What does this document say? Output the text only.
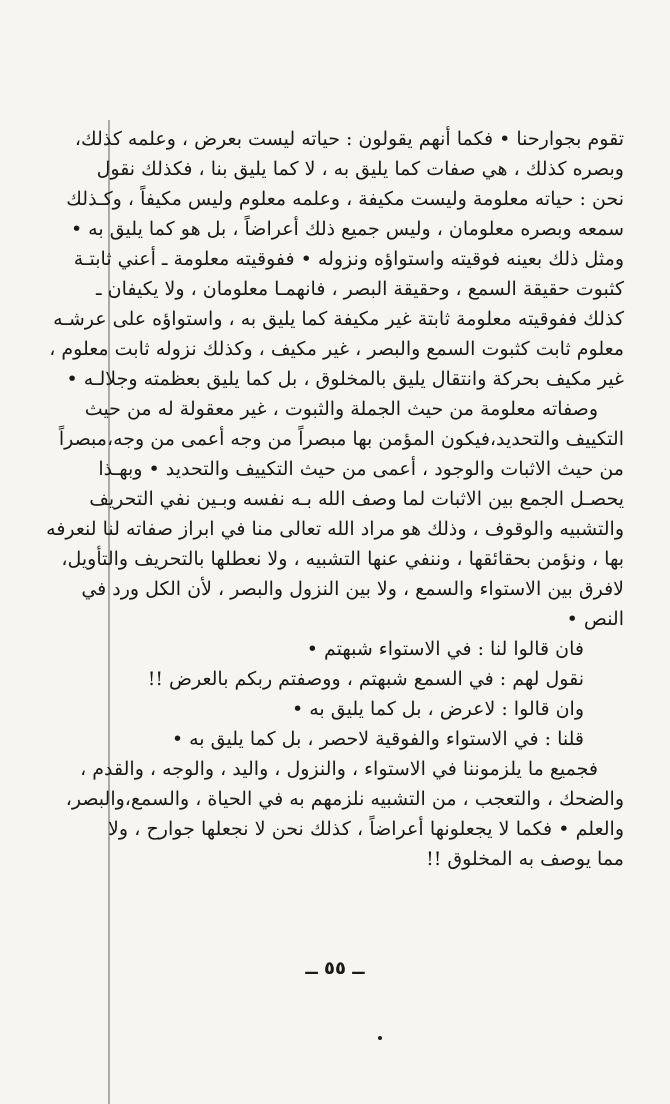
تقوم بجوارحنا • فكما أنهم يقولون : حياته ليست بعرض ، وعلمه كذلك،
وبصره كذلك ، هي صفات كما يليق به ، لا كما يليق بنا ، فكذلك نقول
نحن : حياته معلومة وليست مكيفة ، وعلمه معلوم وليس مكيفاً ، وكـذلك
سمعه وبصره معلومان ، وليس جميع ذلك أعراضاً ، بل هو كما يليق به •
ومثل ذلك بعينه فوقيته واستواؤه ونزوله • ففوقيته معلومة ـ أعني ثابتـة
كثبوت حقيقة السمع ، وحقيقة البصر ، فانهمـا معلومان ، ولا يكيفان ـ
كذلك ففوقيته معلومة ثابتة غير مكيفة كما يليق به ، واستواؤه على عرشـه
معلوم ثابت كثبوت السمع والبصر ، غير مكيف ، وكذلك نزوله ثابت معلوم ،
غير مكيف بحركة وانتقال يليق بالمخلوق ، بل كما يليق بعظمته وجلالـه •
وصفاته معلومة من حيث الجملة والثبوت ، غير معقولة له من حيث
التكييف والتحديد،فيكون المؤمن بها مبصراً من وجه أعمى من وجه،مبصراً
من حيث الاثبات والوجود ، أعمى من حيث التكييف والتحديد • وبهـذا
يحصـل الجمع بين الاثبات لما وصف الله بـه نفسه وبـين نفي التحريف
والتشبيه والوقوف ، وذلك هو مراد الله تعالى منا في ابراز صفاته لنا لنعرفه
بها ، ونؤمن بحقائقها ، وننفي عنها التشبيه ، ولا نعطلها بالتحريف والتأويل،
لافرق بين الاستواء والسمع ، ولا بين النزول والبصر ، لأن الكل ورد في
النص •
فان قالوا لنا : في الاستواء شبهتم •
نقول لهم : في السمع شبهتم ، ووصفتم ربكم بالعرض !!
وان قالوا : لاعرض ، بل كما يليق به •
قلنا : في الاستواء والفوقية لاحصر ، بل كما يليق به •
فجميع ما يلزموننا في الاستواء ، والنزول ، واليد ، والوجه ، والقدم ،
والضحك ، والتعجب ، من التشبيه نلزمهم به في الحياة ، والسمع،والبصر،
والعلم • فكما لا يجعلونها أعراضاً ، كذلك نحن لا نجعلها جوارح ، ولا
مما يوصف به المخلوق !!
ــ ٥٥ ــ
